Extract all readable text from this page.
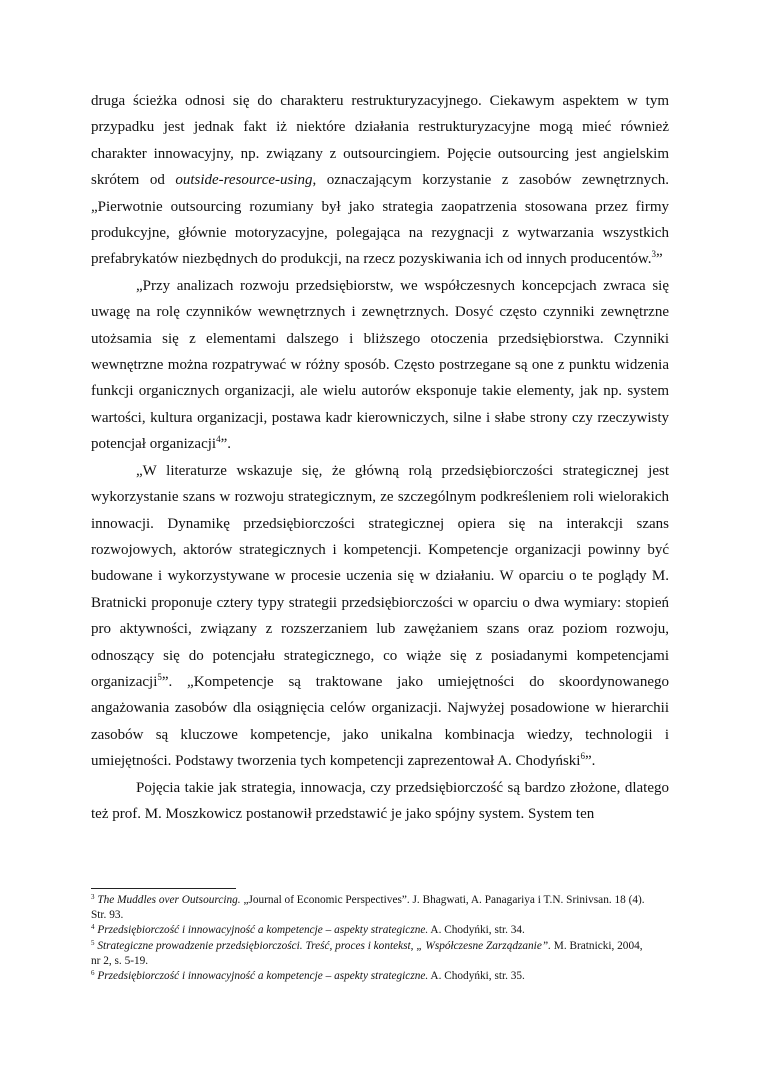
druga ścieżka odnosi się do charakteru restrukturyzacyjnego. Ciekawym aspektem w tym przypadku jest jednak fakt iż niektóre działania restrukturyzacyjne mogą mieć również charakter innowacyjny, np. związany z outsourcingiem. Pojęcie outsourcing jest angielskim skrótem od outside-resource-using, oznaczającym korzystanie z zasobów zewnętrznych. „Pierwotnie outsourcing rozumiany był jako strategia zaopatrzenia stosowana przez firmy produkcyjne, głównie motoryzacyjne, polegająca na rezygnacji z wytwarzania wszystkich prefabrykatów niezbędnych do produkcji, na rzecz pozyskiwania ich od innych producentów.$^3$”

„Przy analizach rozwoju przedsiębiorstw, we współczesnych koncepcjach zwraca się uwagę na rolę czynników wewnętrznych i zewnętrznych. Dosyć często czynniki zewnętrzne utożsamia się z elementami dalszego i bliższego otoczenia przedsiębiorstwa. Czynniki wewnętrzne można rozpatrywać w różny sposób. Często postrzegane są one z punktu widzenia funkcji organicznych organizacji, ale wielu autorów eksponuje takie elementy, jak np. system wartości, kultura organizacji, postawa kadr kierowniczych, silne i słabe strony czy rzeczywisty potencjał organizacji$^4$”.

„W literaturze wskazuje się, że główną rolą przedsiębiorczości strategicznej jest wykorzystanie szans w rozwoju strategicznym, ze szczególnym podkreśleniem roli wielorakich innowacji. Dynamikę przedsiębiorczości strategicznej opiera się na interakcji szans rozwojowych, aktorów strategicznych i kompetencji. Kompetencje organizacji powinny być budowane i wykorzystywane w procesie uczenia się w działaniu. W oparciu o te poglądy M. Bratnicki proponuje cztery typy strategii przedsiębiorczości w oparciu o dwa wymiary: stopień pro aktywności, związany z rozszerzaniem lub zawężaniem szans oraz poziom rozwoju, odnoszący się do potencjału strategicznego, co wiąże się z posiadanymi kompetencjami organizacji$^5$”. „Kompetencje są traktowane jako umiejętności do skoordynowanego angażowania zasobów dla osiągnięcia celów organizacji. Najwyżej posadowione w hierarchii zasobów są kluczowe kompetencje, jako unikalna kombinacja wiedzy, technologii i umiejętności. Podstawy tworzenia tych kompetencji zaprezentował A. Chodyński$^6$”.

Pojęcia takie jak strategia, innowacja, czy przedsiębiorczość są bardzo złożone, dlatego też prof. M. Moszkowicz postanowił przedstawić je jako spójny system. System ten

$^3$ The Muddles over Outsourcing. „Journal of Economic Perspectives”. J. Bhagwati, A. Panagariya i T.N. Srinivsan. 18 (4). Str. 93.
$^4$ Przedsiębiorczość i innowacyjność a kompetencje – aspekty strategiczne. A. Chodyńki, str. 34.
$^5$ Strategiczne prowadzenie przedsiębiorczości. Treść, proces i kontekst, „ Współczesne Zarządzanie”. M. Bratnicki, 2004, nr 2, s. 5-19.
$^6$ Przedsiębiorczość i innowacyjność a kompetencje – aspekty strategiczne. A. Chodyńki, str. 35.
